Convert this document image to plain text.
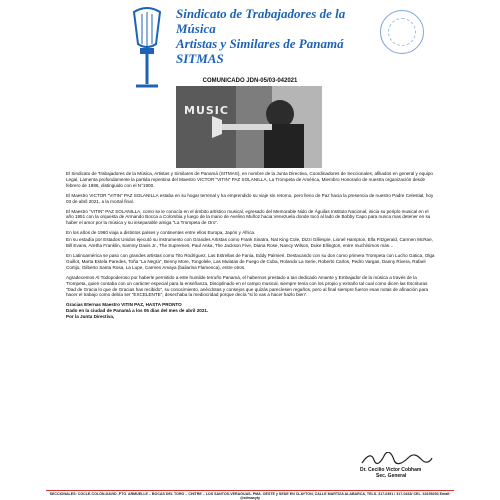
Sindicato de Trabajadores de la Música
Artistas y Similares de Panamá

SITMAS
COMUNICADO JDN-05/03-042021
MUSIC

El Sindicato de Trabajadores de la Música, Artistas y Similares de Panamá (SITMAS), en nombre de la Junta Directiva, Coordinadores de Seccionales, afiliados en general y equipo Legal, Lamenta profundamente la partida repentina del Maestro VICTOR “VITIN” PAZ SOLANILLA, La Trompeta de América, Miembro Honorario de nuestra organización desde febrero de 1986, distinguido con el N°1900.

El Maestro VICTOR “VITIN” PAZ SOLANILLA estaba en su hogar terrenal y ha emprendido su viaje sin retorno, pero lleno de Paz hacia la presencia de nuestro Padre Celestial, hoy 03 de abril 2021, a la mortal final.

El Maestro “VITIN” PAZ SOLANILLA, como se le conocía en el ámbito artístico musical, egresado del Memorable Nido de Águilas Instituto Nacional, inicia su periplo musical en el año 1951 con la orquesta de Armando Bocca a Colombia y luego de la mano de Avelino Muñoz hacia Venezuela donde tocó al lado de Bobby Capo para nunca mas detener en su haber el amor por la música y su inseparable amiga “La Trompeta de Oro”.

En los años de 1960 viaja a distintos países y continentes entre ellos Europa, Japón y África.

En su estadía por Estados Unidos ejecutó su instrumento con Grandes Artistas como Frank Sinatra, Nat King Cole, Dizzi Gillespie, Lionel Hampton, Ella Fitzgerald, Carmen McRae, Bill Evans, Aretha Franklin, Sammy Davis Jr., The Supremes, Paul Anka, The Jackson Five, Diana Rose, Nancy Wilson, Duke Ellington, entre muchísimos más…

En Latinoamérica se paso con grandes artistas como Tito Rodríguez, Las Estrellas de Fania, Eddy Palmieri. Destacando con su don como primera Trompeta con Lucho Gatica, Olga Guillot, Marta Estela Paredes, Toña “La Negra”, Benny More, Tongolele, Las Mulatas de Fuego de Cuba, Rolando La Serie, Roberto Carlos, Pedro Vargas, Danny Rivera, Rafael Cortijo, Gilberto Santa Rosa, La Lupe, Carmen Amaya (bailarina Flamenca), entre otros.

Agradecemos Al Todopoderoso por haberle permitido a este humilde terruño Panamá, el habernos prestado a tan dedicado Amante y Embajador de la música a través de la Trompeta, quien contaba con un carácter especial para la enseñanza, Disciplinado en el campo musical, siempre tenía con los propio y extraño tal cual como dicen las Escrituras “Dad de Gracia lo que de Gracias has recibido”, su conocimiento, anécdotas y consejos que quizás parecíesen regaños, pero al final siempre fueron esas notas de afinación para hacer el trabajo como debía ser “EXCELENTE”, desechaba la mediocridad porque decía “si lo vas a hacer hazlo bien”.

Gracias Eternas Maestro VITIN PAZ, HASTA PRONTO
Dado en la ciudad de Panamá a los 05 días del mes de abril 2021.
Por la Junta Directiva,

Dr. Cecilio Victor Cobham
Sec. General
SECCIONALES: COCLE-COLÓN-DAVID -PTO. ARMUELLE – BOCAS DEL TORO – CHITRE – LOS SANTOS-VERAGUAS- PMA. OESTE y SEDE EN CLAYTON, CALLE MARTIZA ALABARCA, TELS. 317-0391 / 317-0433/ CEL. 63159253 Email: @sitmasyty
